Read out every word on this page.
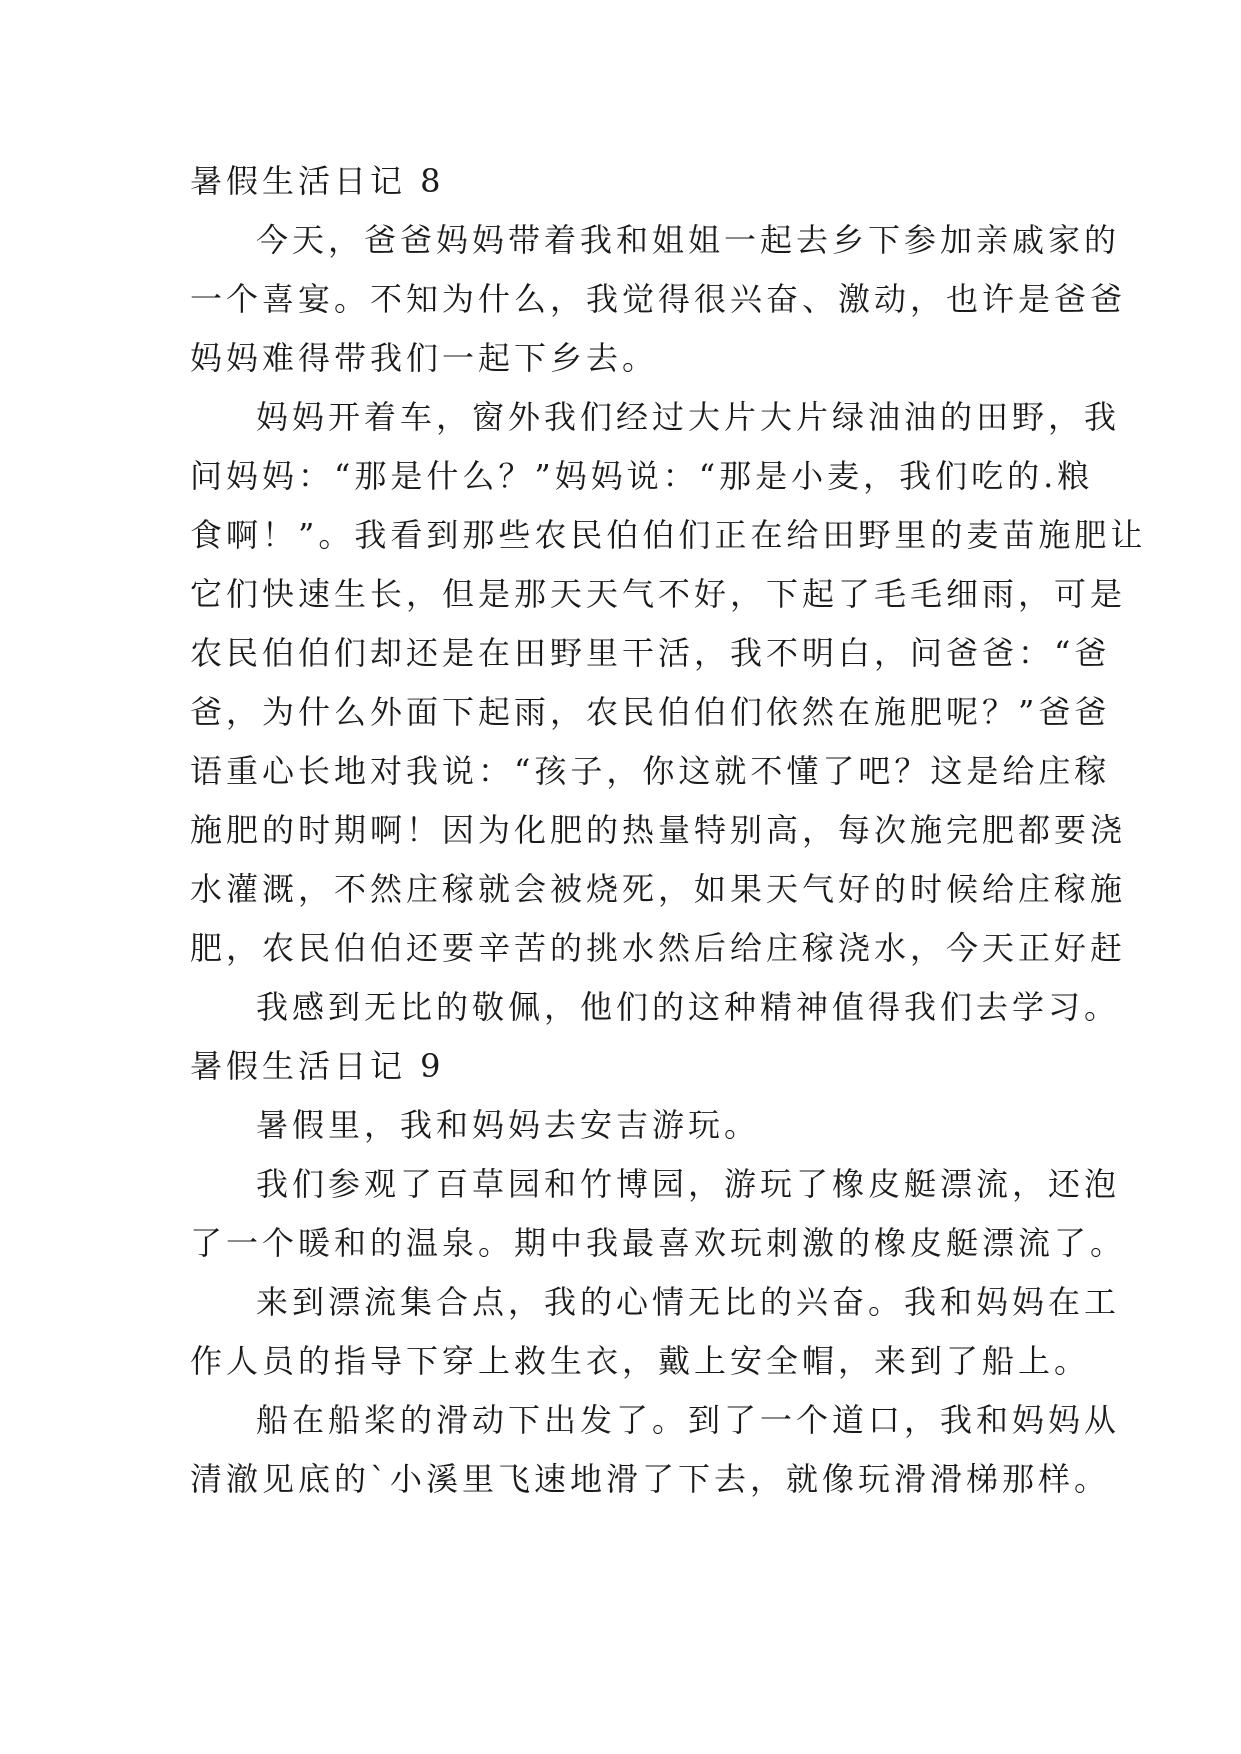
暑假生活日记 8
今天，爸爸妈妈带着我和姐姐一起去乡下参加亲戚家的
一个喜宴。不知为什么，我觉得很兴奋、激动，也许是爸爸
妈妈难得带我们一起下乡去。
妈妈开着车，窗外我们经过大片大片绿油油的田野，我
问妈妈：“那是什么？”妈妈说：“那是小麦，我们吃的.粮
食啊！”。我看到那些农民伯伯们正在给田野里的麦苗施肥让
它们快速生长，但是那天天气不好，下起了毛毛细雨，可是
农民伯伯们却还是在田野里干活，我不明白，问爸爸：“爸
爸，为什么外面下起雨，农民伯伯们依然在施肥呢？”爸爸
语重心长地对我说：“孩子，你这就不懂了吧？这是给庄稼
施肥的时期啊！因为化肥的热量特别高，每次施完肥都要浇
水灌溉，不然庄稼就会被烧死，如果天气好的时候给庄稼施
肥，农民伯伯还要辛苦的挑水然后给庄稼浇水，今天正好赶
我感到无比的敬佩，他们的这种精神值得我们去学习。
暑假生活日记 9
暑假里，我和妈妈去安吉游玩。
我们参观了百草园和竹博园，游玩了橡皮艇漂流，还泡
了一个暖和的温泉。期中我最喜欢玩刺激的橡皮艇漂流了。
来到漂流集合点，我的心情无比的兴奋。我和妈妈在工
作人员的指导下穿上救生衣，戴上安全帽，来到了船上。
船在船桨的滑动下出发了。到了一个道口，我和妈妈从
清澈见底的`小溪里飞速地滑了下去，就像玩滑滑梯那样。
